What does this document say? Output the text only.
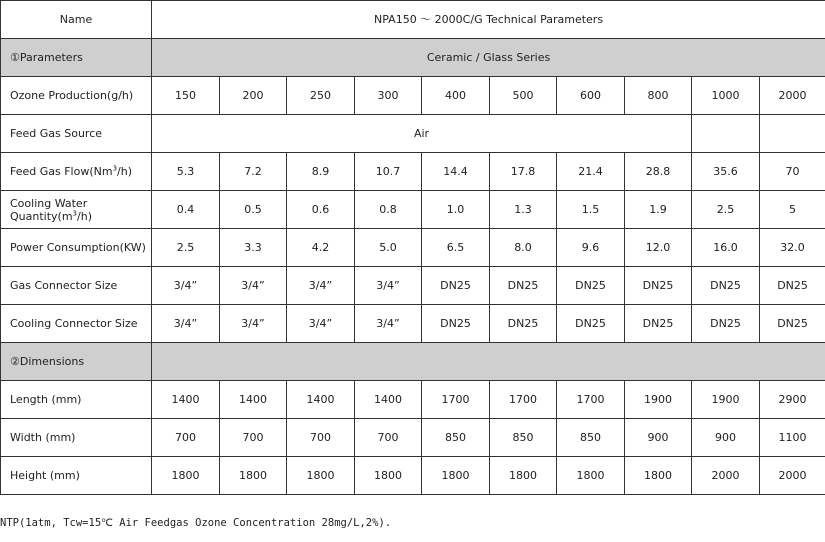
Name	NPA150 ～ 2000C/G Technical Parameters									
①Parameters	Ceramic / Glass Series									
Ozone Production(g/h)	150	200	250	300	400	500	600	800	1000	2000
Feed Gas Source	Air									
Feed Gas Flow(Nm$^3$/h)	5.3	7.2	8.9	10.7	14.4	17.8	21.4	28.8	35.6	70
Cooling Water
$Quantity(m^3/h)$	0.4	0.5	0.6	0.8	1.0	1.3	1.5	1.9	2.5	5
Power Consumption(KW)	2.5	3.3	4.2	5.0	6.5	8.0	9.6	12.0	16.0	32.0
Gas Connector Size	3/4”	3/4”	3/4”	3/4”	DN25	DN25	DN25	DN25	DN25	DN25
Cooling Connector Size	3/4”	3/4”	3/4”	3/4”	DN25	DN25	DN25	DN25	DN25	DN25
②Dimensions										
Length (mm)	1400	1400	1400	1400	1700	1700	1700	1900	1900	2900
Width (mm)	700	700	700	700	850	850	850	900	900	1100
Height (mm)	1800	1800	1800	1800	1800	1800	1800	1800	2000	2000
NTP(1atm, Tcw=15℃ Air Feedgas Ozone Concentration 28mg/L,2%).
